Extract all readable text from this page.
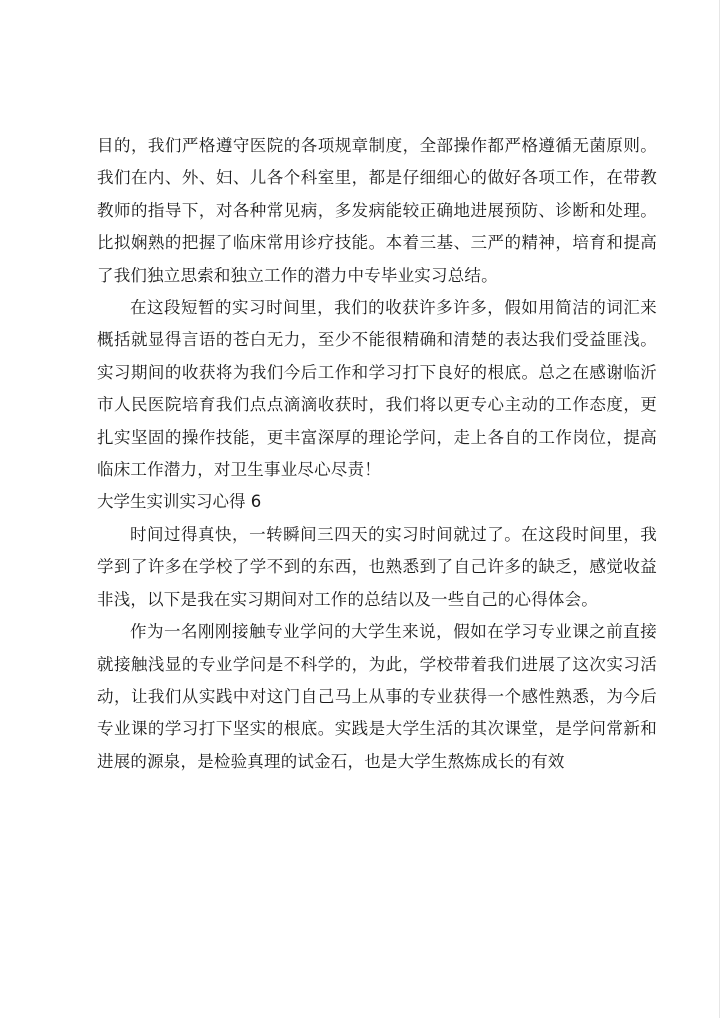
目的，我们严格遵守医院的各项规章制度，全部操作都严格遵循无菌原则。我们在内、外、妇、儿各个科室里，都是仔细细心的做好各项工作，在带教教师的指导下，对各种常见病，多发病能较正确地进展预防、诊断和处理。比拟娴熟的把握了临床常用诊疗技能。本着三基、三严的精神，培育和提高了我们独立思索和独立工作的潜力中专毕业实习总结。

在这段短暂的实习时间里，我们的收获许多许多，假如用简洁的词汇来概括就显得言语的苍白无力，至少不能很精确和清楚的表达我们受益匪浅。实习期间的收获将为我们今后工作和学习打下良好的根底。总之在感谢临沂市人民医院培育我们点点滴滴收获时，我们将以更专心主动的工作态度，更扎实坚固的操作技能，更丰富深厚的理论学问，走上各自的工作岗位，提高临床工作潜力，对卫生事业尽心尽责！

大学生实训实习心得 6

时间过得真快，一转瞬间三四天的实习时间就过了。在这段时间里，我学到了许多在学校了学不到的东西，也熟悉到了自己许多的缺乏，感觉收益非浅，以下是我在实习期间对工作的总结以及一些自己的心得体会。

作为一名刚刚接触专业学问的大学生来说，假如在学习专业课之前直接就接触浅显的专业学问是不科学的，为此，学校带着我们进展了这次实习活动，让我们从实践中对这门自己马上从事的专业获得一个感性熟悉，为今后专业课的学习打下坚实的根底。实践是大学生活的其次课堂，是学问常新和进展的源泉，是检验真理的试金石，也是大学生熬炼成长的有效
